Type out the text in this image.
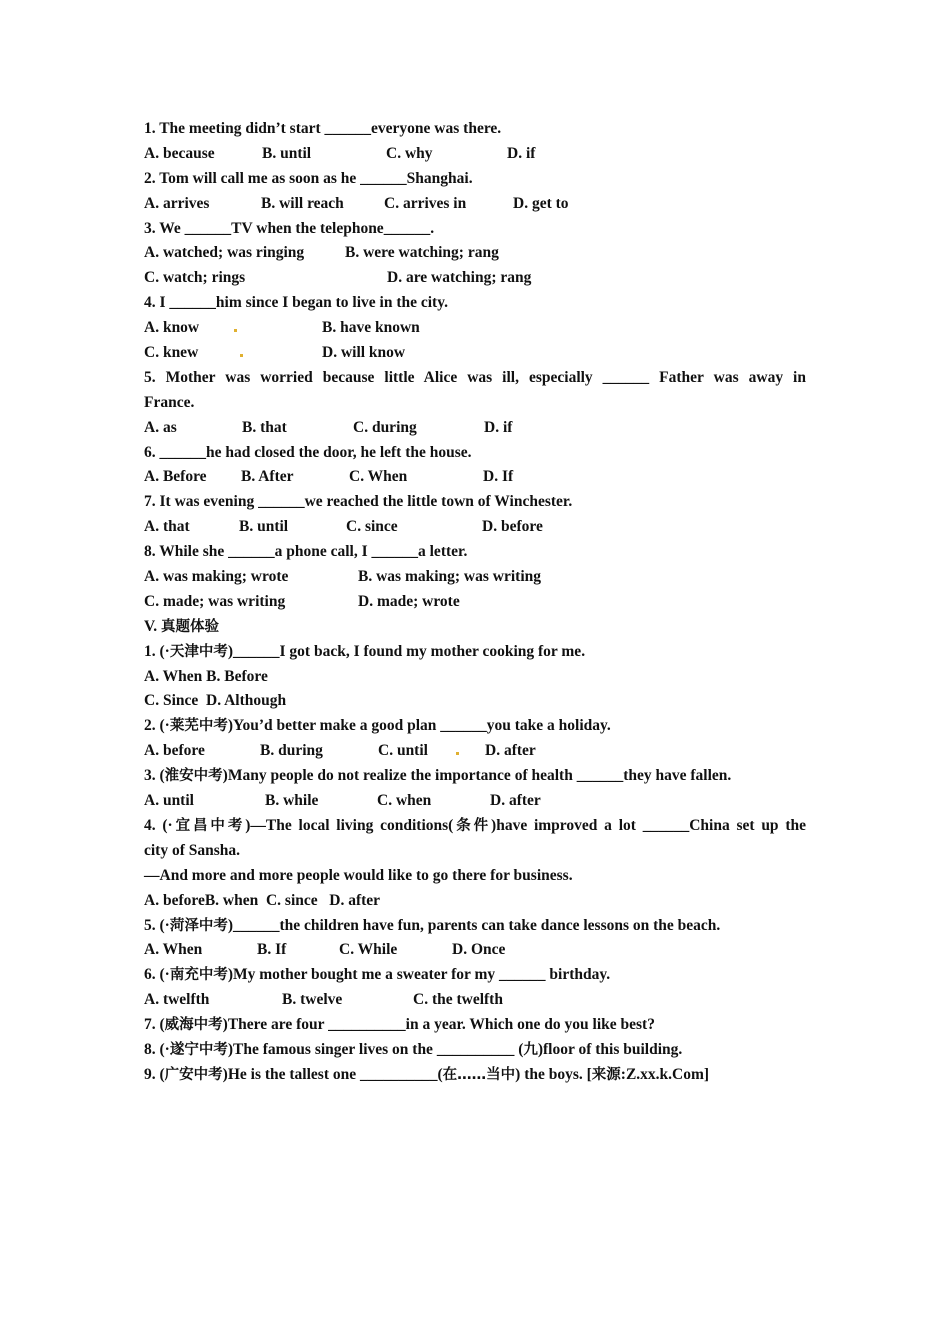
1. The meeting didn’t start ______everyone was there.
A. because	B. until	C. why	D. if
2. Tom will call me as soon as he ______Shanghai.
A. arrives	B. will reach	C. arrives in	D. get to
3. We ______TV when the telephone______.
A. watched; was ringing	B. were watching; rang
C. watch; rings	D. are watching; rang
4. I ______him since I began to live in the city.
A. know	B. have known
C. knew	D. will know
5. Mother was worried because little Alice was ill, especially ______ Father was away in
France.
A. as	B. that	C. during	D. if
6. ______he had closed the door, he left the house.
A. Before	B. After	C. When	D. If
7. It was evening ______we reached the little town of Winchester.
A. that	B. until	C. since	D. before
8. While she ______a phone call, I ______a letter.
A. was making; wrote	B. was making; was writing
C. made; was writing	D. made; wrote
V. 真题体验
1. (·天津中考)______I got back, I found my mother cooking for me.
A. When B. Before
C. Since  D. Although
2. (·莱芜中考)You’d better make a good plan ______you take a holiday.
A. before	B. during	C. until	D. after
3. (淮安中考)Many people do not realize the importance of health ______they have fallen.
A. until	B. while	C. when	D. after
4. (·宜昌中考)—The local living conditions(条件)have improved a lot ______China set up the
city of Sansha.
—And more and more people would like to go there for business.
A. beforeB. when  C. since   D. after
5. (·菏泽中考)______the children have fun, parents can take dance lessons on the beach.
A. When	B. If	C. While	D. Once
6. (·南充中考)My mother bought me a sweater for my ______ birthday.
A. twelfth	B. twelve	C. the twelfth
7. (威海中考)There are four __________in a year. Which one do you like best?
8. (·遂宁中考)The famous singer lives on the __________ (九)floor of this building.
9. (广安中考)He is the tallest one __________(在……当中) the boys. [来源:Z.xx.k.Com]
